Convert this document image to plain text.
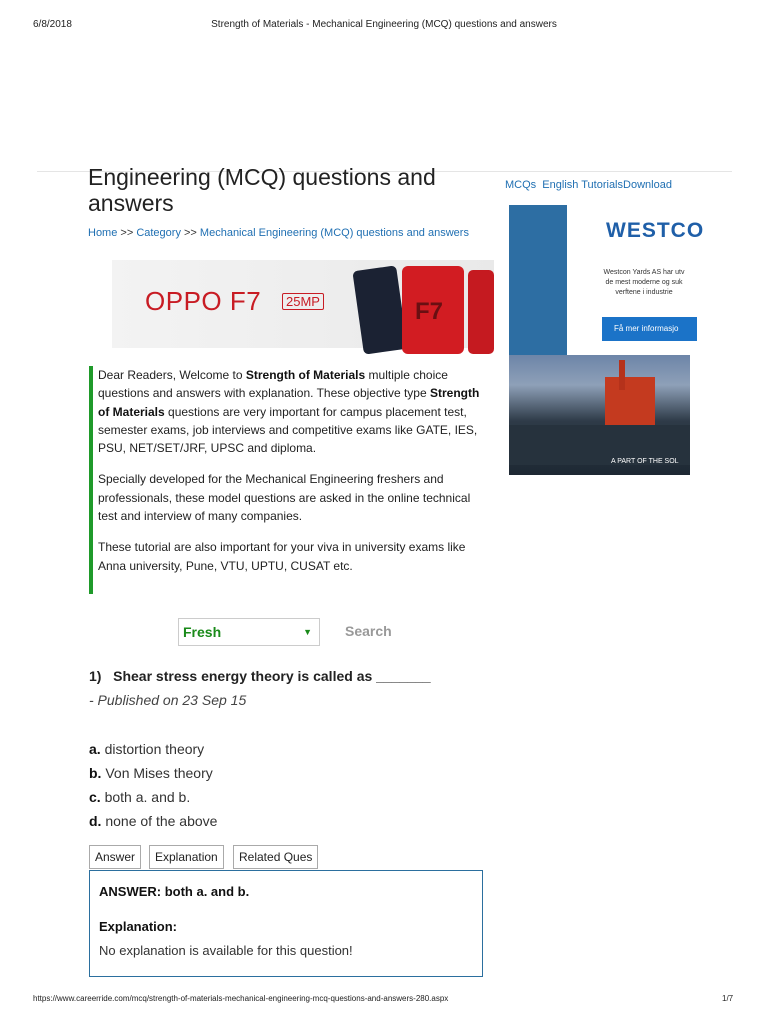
6/8/2018	Strength of Materials - Mechanical Engineering (MCQ) questions and answers
Engineering (MCQ) questions and
answers
Home >> Category >> Mechanical Engineering (MCQ) questions and answers
MCQs English TutorialsDownload
OPPO F7	25MP	F7
WESTCO
Westcon Yards AS har utv
de mest moderne og suk
verftene i industrie
Få mer informasjo
A PART OF THE SOL

Dear Readers, Welcome to Strength of Materials multiple choice questions and answers with explanation. These objective type Strength of Materials questions are very important for campus placement test, semester exams, job interviews and competitive exams like GATE, IES, PSU, NET/SET/JRF, UPSC and diploma.

Specially developed for the Mechanical Engineering freshers and professionals, these model questions are asked in the online technical test and interview of many companies.

These tutorial are also important for your viva in university exams like Anna university, Pune, VTU, UPTU, CUSAT etc.

Fresh	▼ Search
1) Shear stress energy theory is called as _______
- Published on 23 Sep 15
a. distortion theory
b. Von Mises theory
c. both a. and b.
d. none of the above
Answer	Explanation	Related Ques
ANSWER: both a. and b.
Explanation:
No explanation is available for this question!
https://www.careerride.com/mcq/strength-of-materials-mechanical-engineering-mcq-questions-and-answers-280.aspx	1/7
